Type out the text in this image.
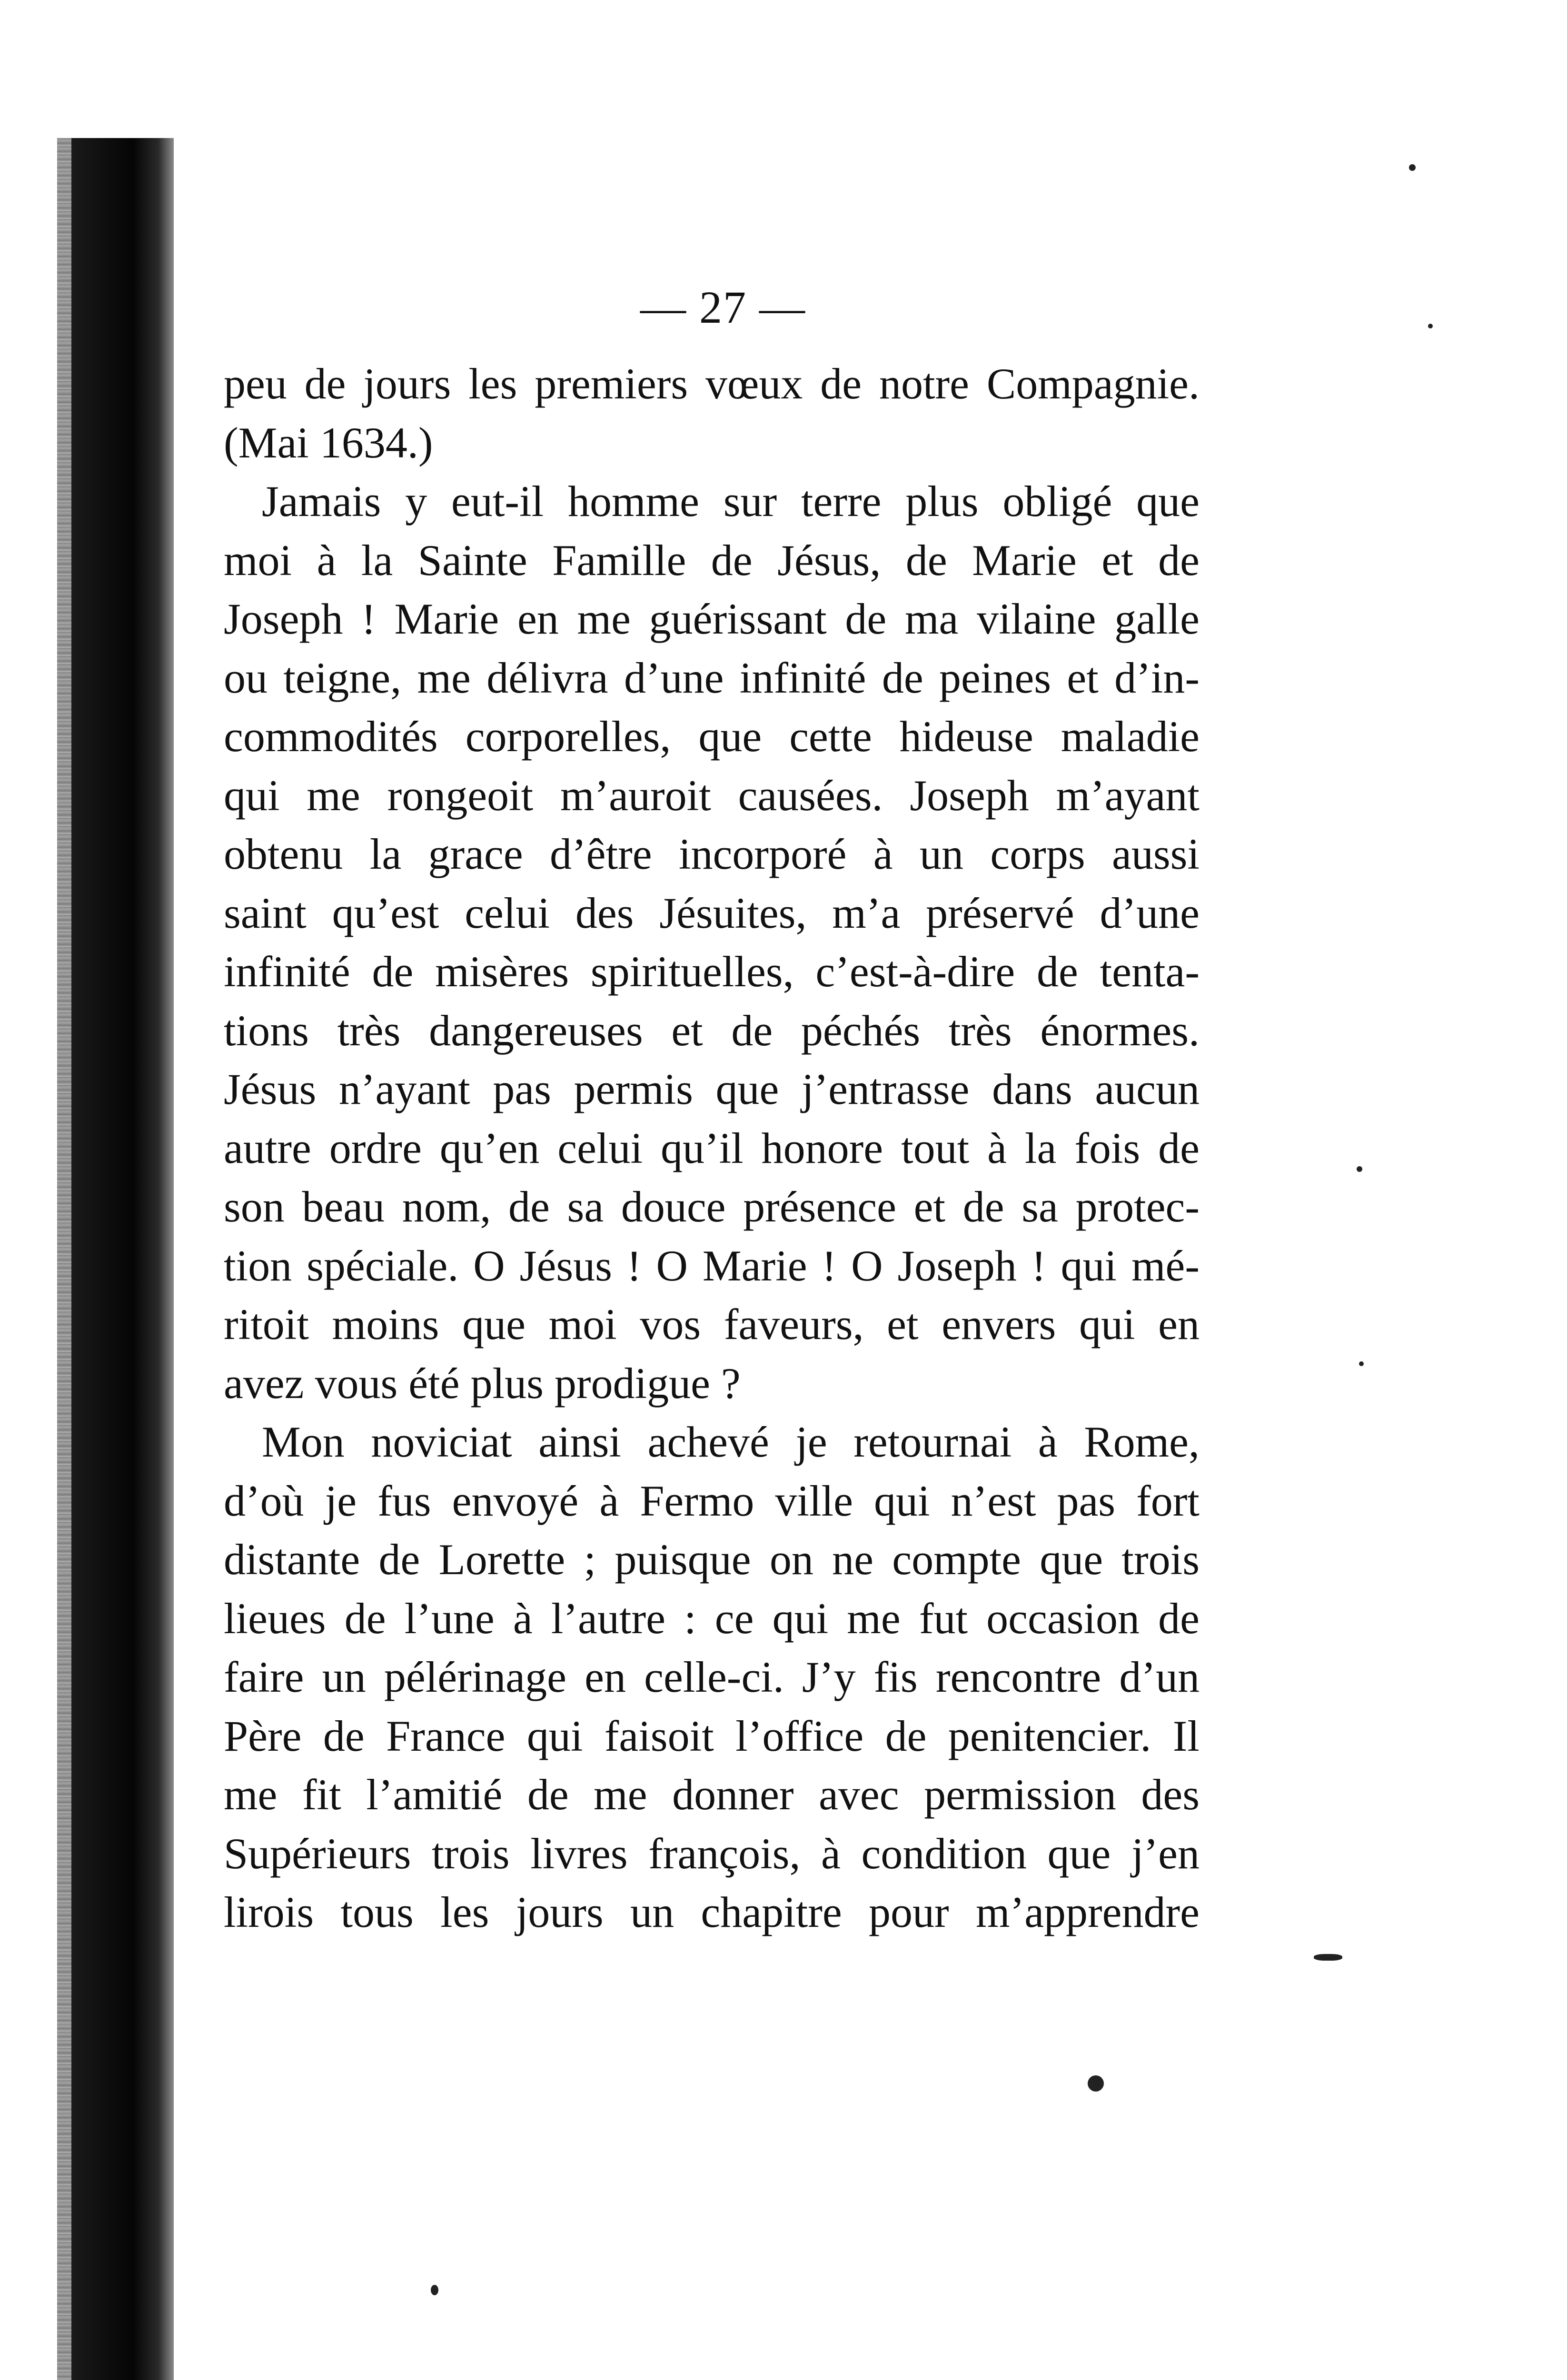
— 27 —
peu de jours les premiers vœux de notre Compagnie.
(Mai 1634.)
Jamais y eut-il homme sur terre plus obligé que
moi à la Sainte Famille de Jésus, de Marie et de
Joseph ! Marie en me guérissant de ma vilaine galle
ou teigne, me délivra d’une infinité de peines et d’in-
commodités corporelles, que cette hideuse maladie
qui me rongeoit m’auroit causées. Joseph m’ayant
obtenu la grace d’être incorporé à un corps aussi
saint qu’est celui des Jésuites, m’a préservé d’une
infinité de misères spirituelles, c’est-à-dire de tenta-
tions très dangereuses et de péchés très énormes.
Jésus n’ayant pas permis que j’entrasse dans aucun
autre ordre qu’en celui qu’il honore tout à la fois de
son beau nom, de sa douce présence et de sa protec-
tion spéciale. O Jésus ! O Marie ! O Joseph ! qui mé-
ritoit moins que moi vos faveurs, et envers qui en
avez vous été plus prodigue ?
Mon noviciat ainsi achevé je retournai à Rome,
d’où je fus envoyé à Fermo ville qui n’est pas fort
distante de Lorette ; puisque on ne compte que trois
lieues de l’une à l’autre : ce qui me fut occasion de
faire un pélérinage en celle-ci. J’y fis rencontre d’un
Père de France qui faisoit l’office de penitencier. Il
me fit l’amitié de me donner avec permission des
Supérieurs trois livres françois, à condition que j’en
lirois tous les jours un chapitre pour m’apprendre
